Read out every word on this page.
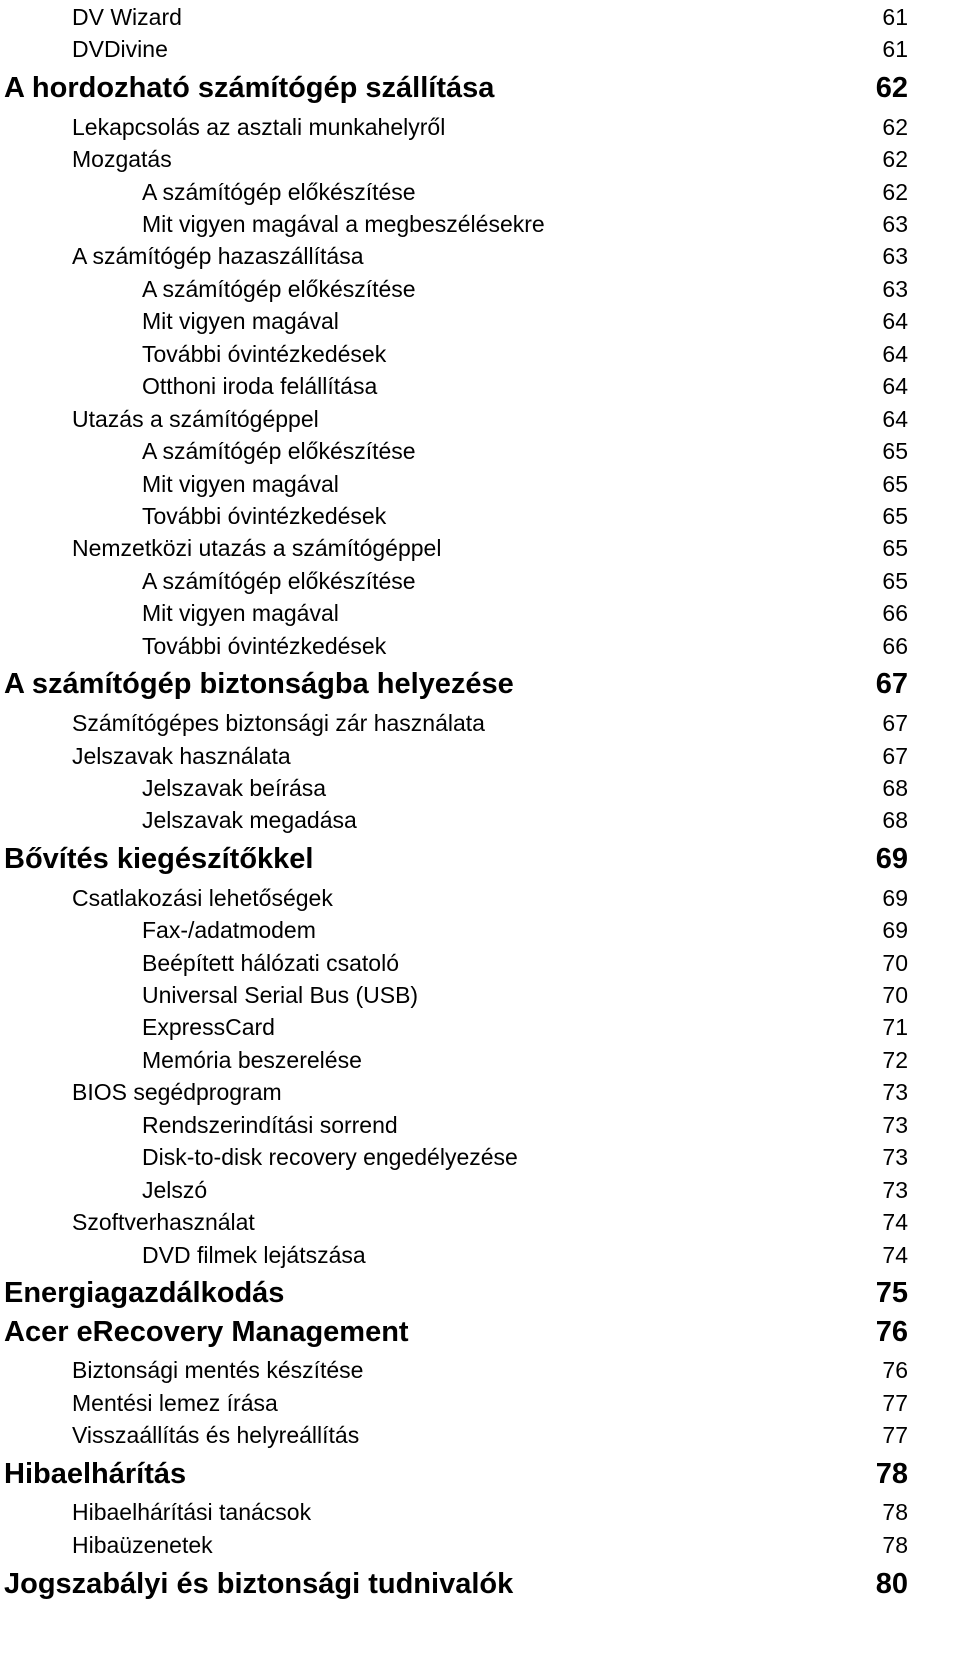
DV Wizard	61
DVDivine	61
A hordozható számítógép szállítása	62
Lekapcsolás az asztali munkahelyről	62
Mozgatás	62
A számítógép előkészítése	62
Mit vigyen magával a megbeszélésekre	63
A számítógép hazaszállítása	63
A számítógép előkészítése	63
Mit vigyen magával	64
További óvintézkedések	64
Otthoni iroda felállítása	64
Utazás a számítógéppel	64
A számítógép előkészítése	65
Mit vigyen magával	65
További óvintézkedések	65
Nemzetközi utazás a számítógéppel	65
A számítógép előkészítése	65
Mit vigyen magával	66
További óvintézkedések	66
A számítógép biztonságba helyezése	67
Számítógépes biztonsági zár használata	67
Jelszavak használata	67
Jelszavak beírása	68
Jelszavak megadása	68
Bővítés kiegészítőkkel	69
Csatlakozási lehetőségek	69
Fax-/adatmodem	69
Beépített hálózati csatoló	70
Universal Serial Bus (USB)	70
ExpressCard	71
Memória beszerelése	72
BIOS segédprogram	73
Rendszerindítási sorrend	73
Disk-to-disk recovery engedélyezése	73
Jelszó	73
Szoftverhasználat	74
DVD filmek lejátszása	74
Energiagazdálkodás	75
Acer eRecovery Management	76
Biztonsági mentés készítése	76
Mentési lemez írása	77
Visszaállítás és helyreállítás	77
Hibaelhárítás	78
Hibaelhárítási tanácsok	78
Hibaüzenetek	78
Jogszabályi és biztonsági tudnivalók	80
